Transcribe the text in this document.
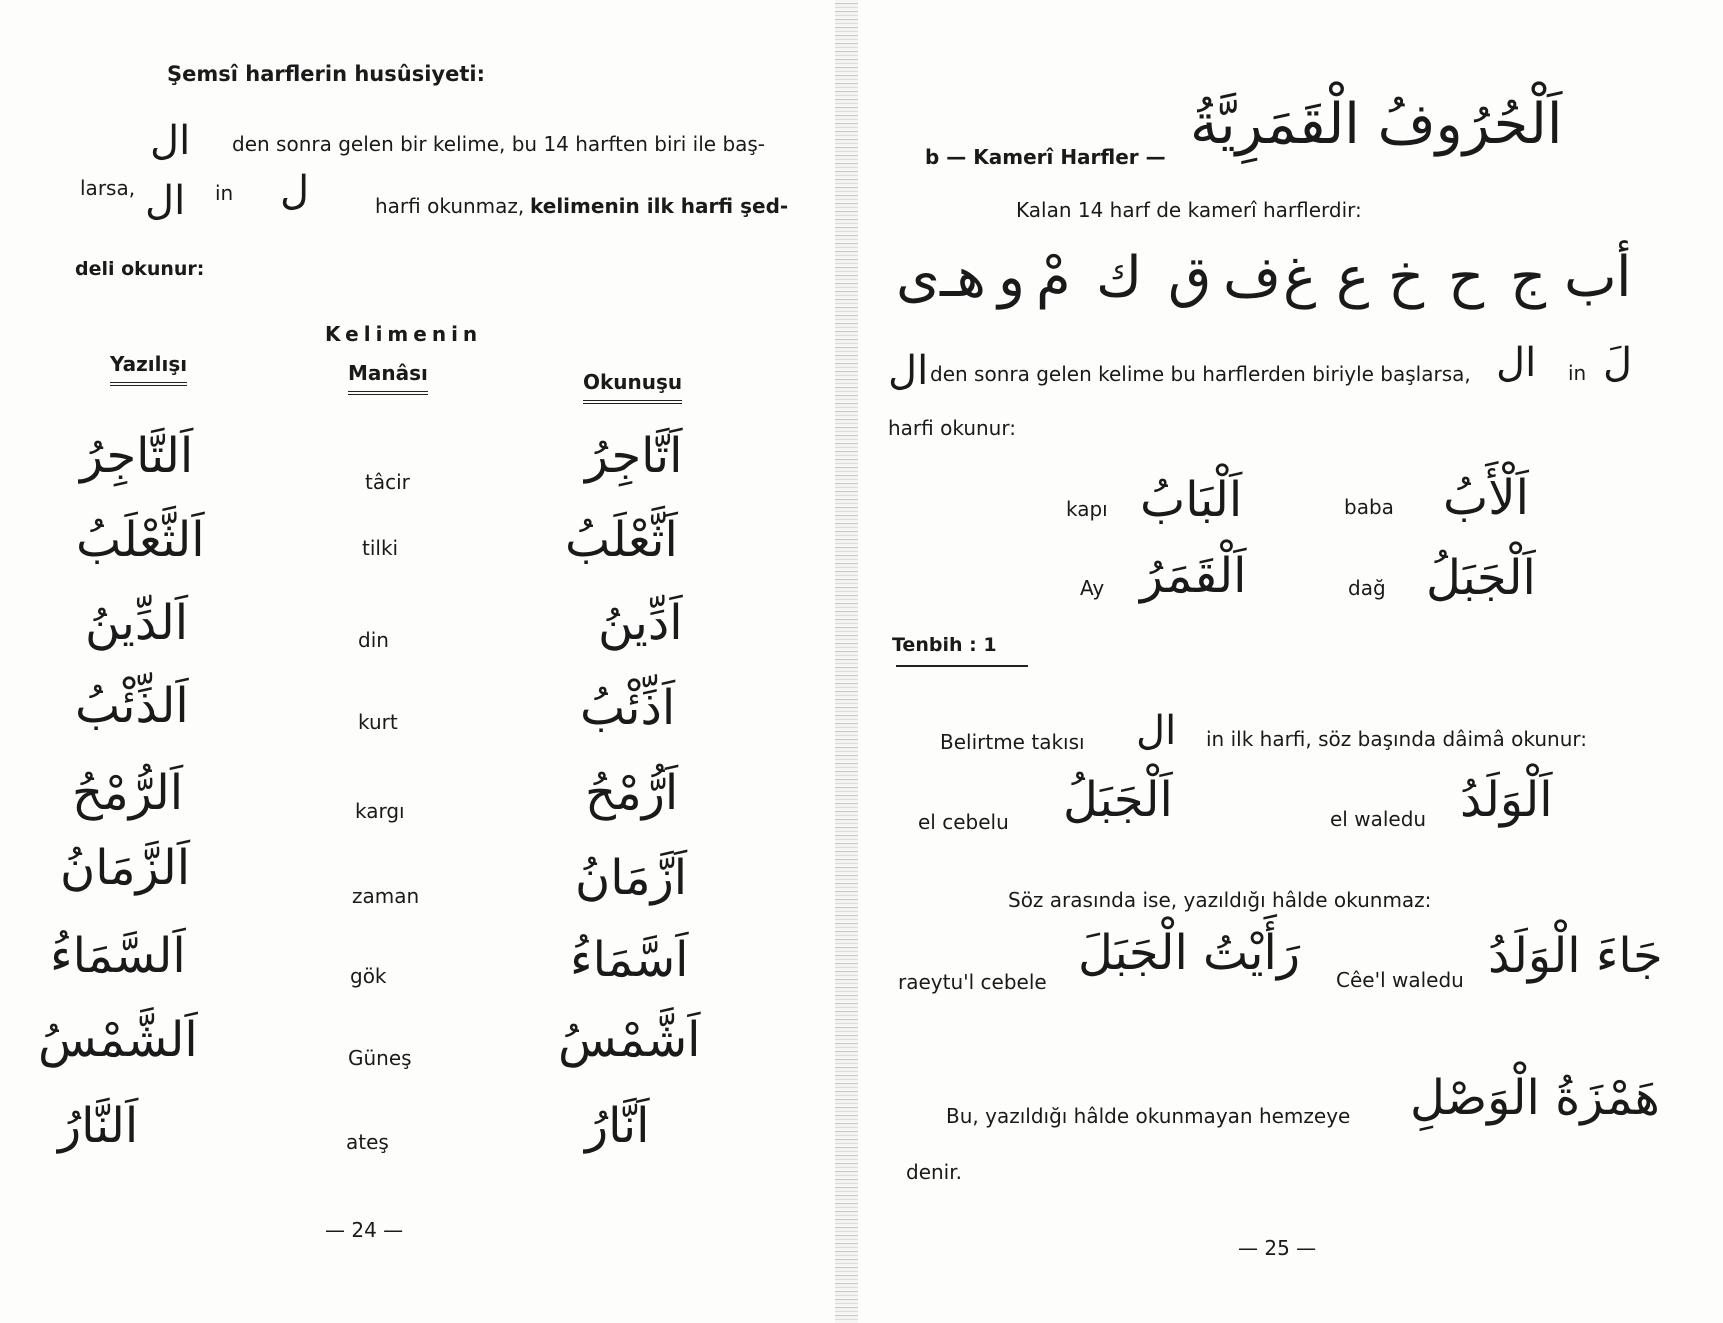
Şemsî harflerin husûsiyeti:
ال den sonra gelen bir kelime, bu 14 harften biri ile baş-
larsa, ال in ل	harfi okunmaz, kelimenin ilk harfi şed-
deli okunur:
Kelimenin
Yazılışı	Manâsı	Okunuşu
اَلتَّاجِرُ	tâcir	اَتَّاجِرُ
اَلثَّعْلَبُ	tilki	اَثَّعْلَبُ
اَلدِّينُ	din	اَدِّينُ
اَلذِّئْبُ	kurt	اَذِّئْبُ
اَلرُّمْحُ	kargı	اَرُّمْحُ
اَلزَّمَانُ	zaman	اَزَّمَانُ
اَلسَّمَاءُ	gök	اَسَّمَاءُ
اَلشَّمْسُ	Güneş	اَشَّمْسُ
اَلنَّارُ	ateş	اَنَّارُ
— 24 —
b — Kamerî Harfler — اَلْحُرُوفُ الْقَمَرِيَّةُ
Kalan 14 harf de kamerî harflerdir:
أ
ب
ج
ح
خ
ع
غ
ف
ق
ك
مْ
و
هـ
ى
ال den sonra gelen kelime bu harflerden biriyle başlarsa, ال in لَ
harfi okunur:
kapı اَلْبَابُ	baba اَلْأَبُ
Ay اَلْقَمَرُ	dağ اَلْجَبَلُ
Tenbih : 1
Belirtme takısı ال in ilk harfi, söz başında dâimâ okunur:
el cebelu اَلْجَبَلُ	el waledu اَلْوَلَدُ
Söz arasında ise, yazıldığı hâlde okunmaz:
raeytu'l cebele
رَأَيْتُ الْجَبَلَ Cêe'l waledu جَاءَ الْوَلَدُ
Bu, yazıldığı hâlde okunmayan hemzeye هَمْزَةُ الْوَصْلِ
denir.
— 25 —
